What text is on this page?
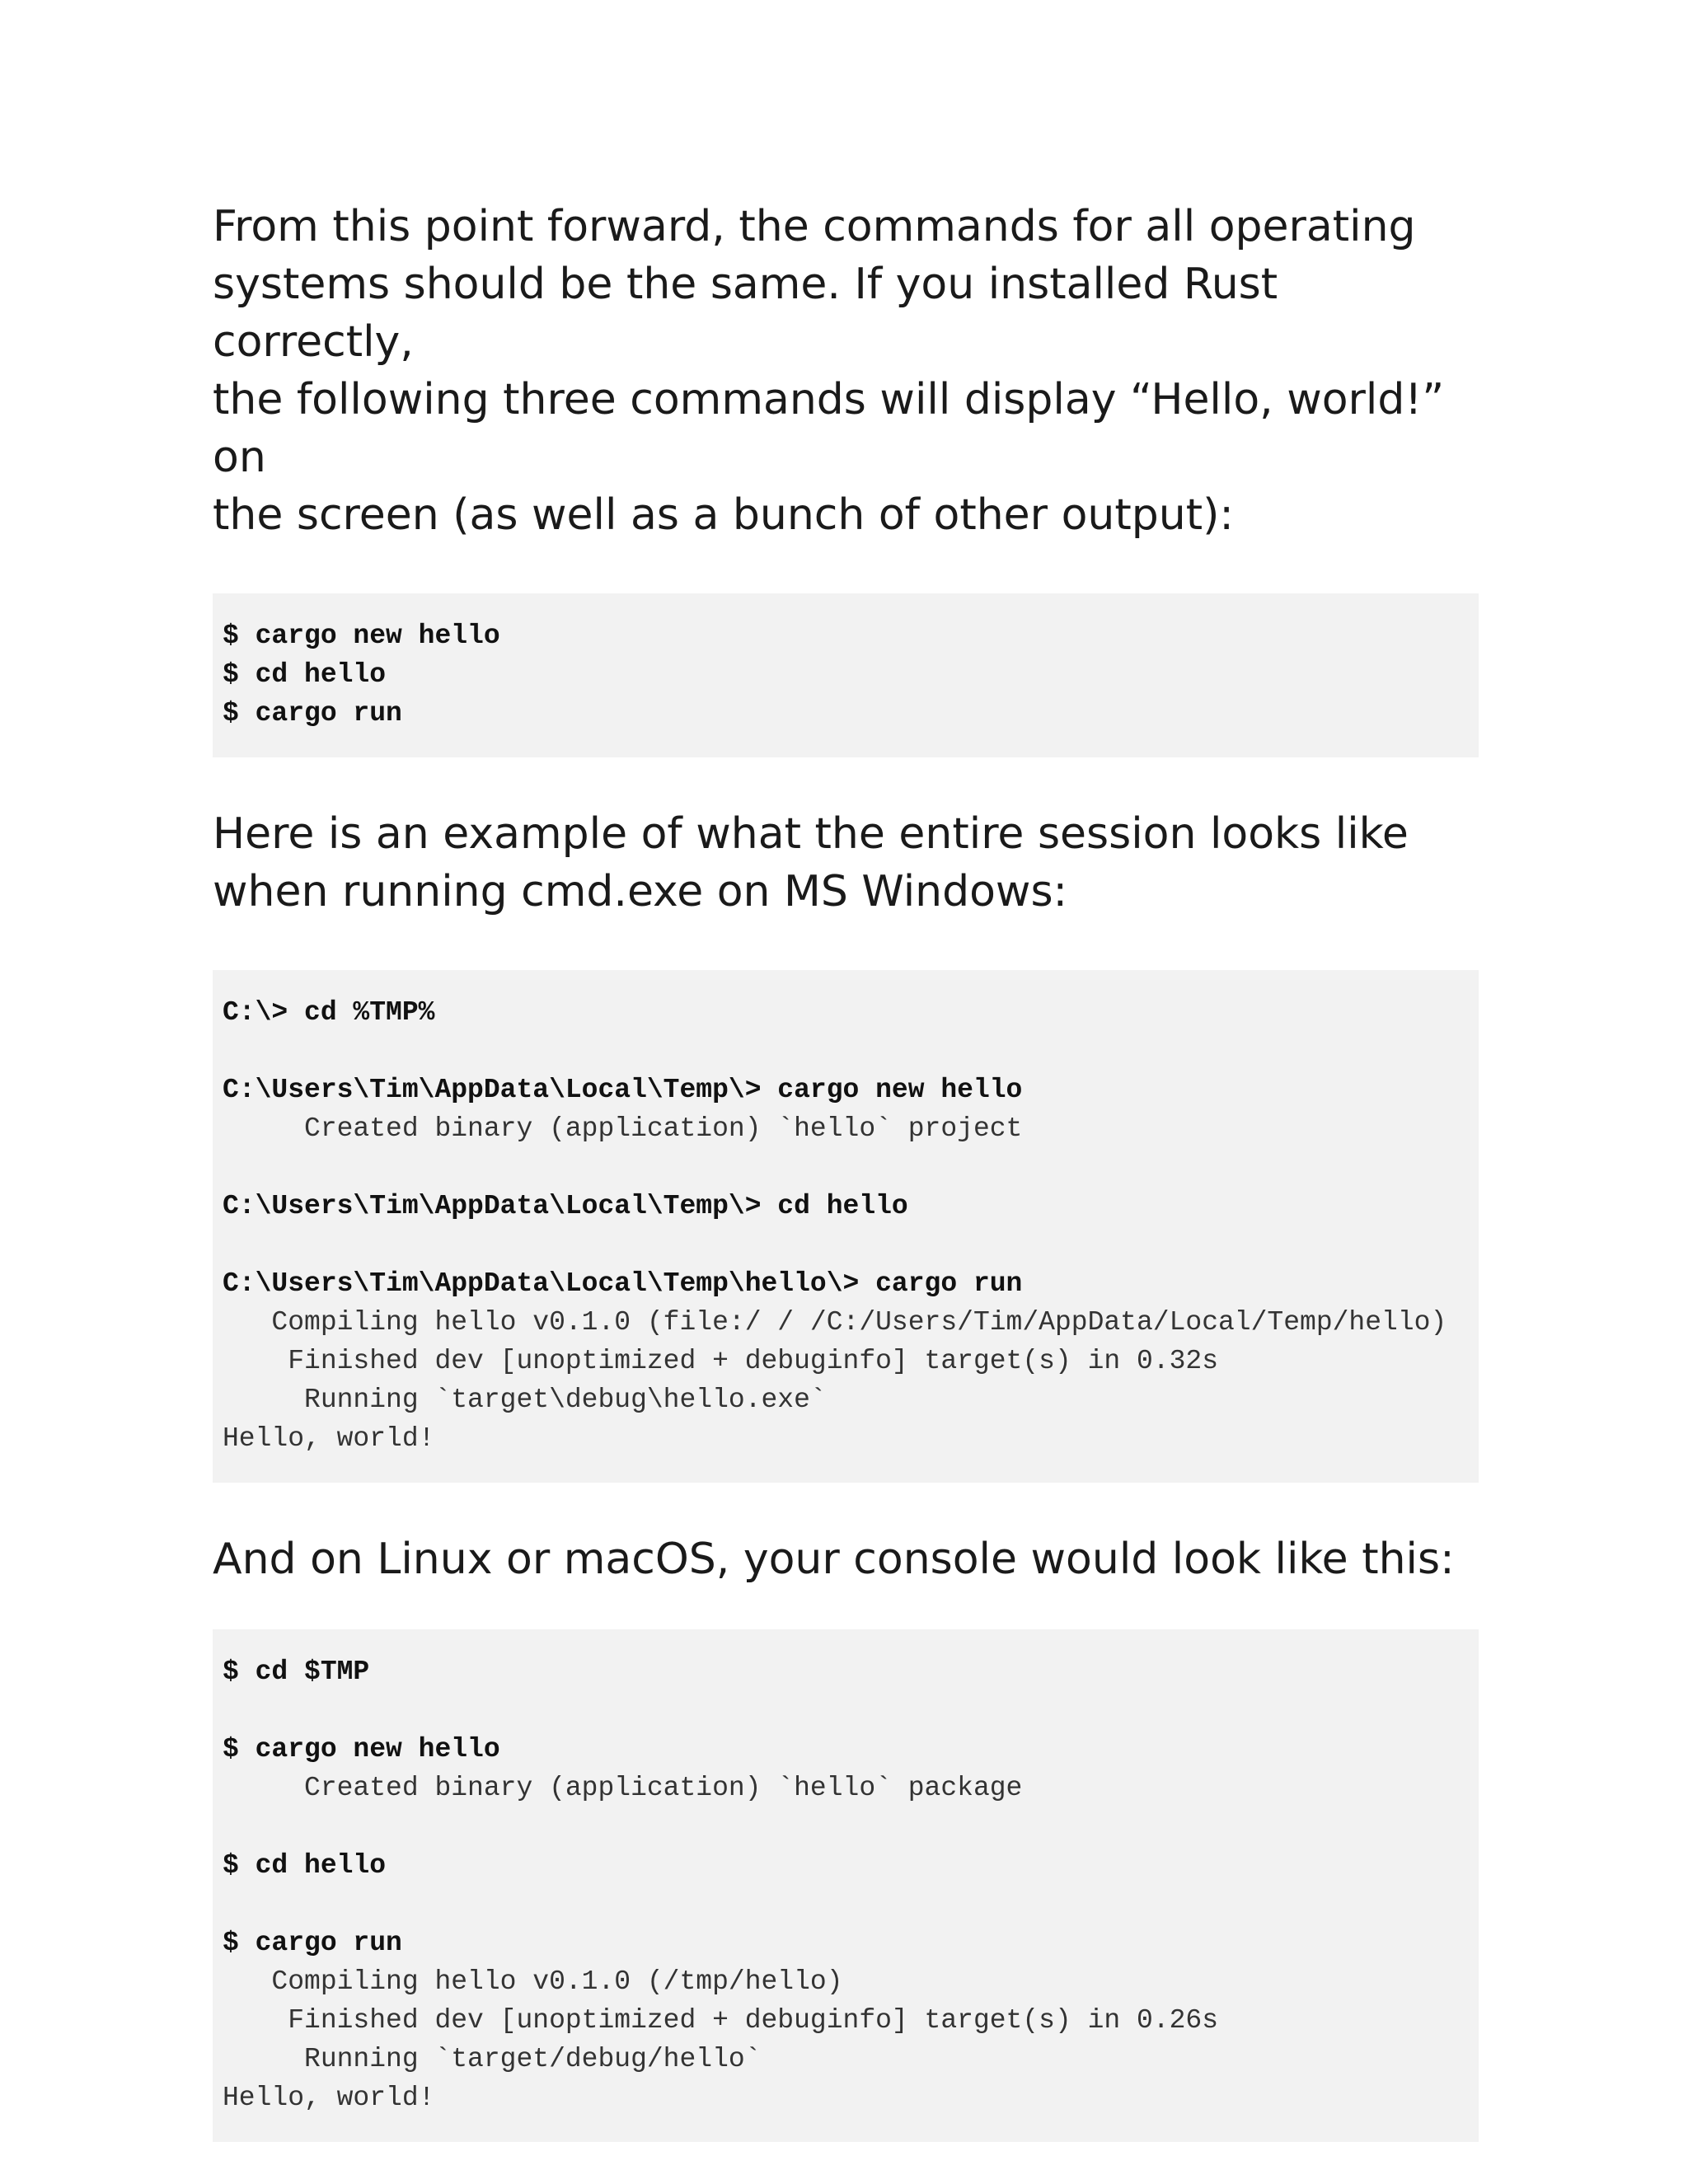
From this point forward, the commands for all operating
systems should be the same. If you installed Rust correctly,
the following three commands will display “Hello, world!” on
the screen (as well as a bunch of other output):

$ cargo new hello
$ cd hello
$ cargo run

Here is an example of what the entire session looks like
when running cmd.exe on MS Windows:

C:\> cd %TMP%
C:\Users\Tim\AppData\Local\Temp\> cargo new hello
Created binary (application) `hello` project
C:\Users\Tim\AppData\Local\Temp\> cd hello
C:\Users\Tim\AppData\Local\Temp\hello\> cargo run
Compiling hello v0.1.0 (file:/ / /C:/Users/Tim/AppData/Local/Temp/hello)
Finished dev [unoptimized + debuginfo] target(s) in 0.32s
Running `target\debug\hello.exe`
Hello, world!

And on Linux or macOS, your console would look like this:

$ cd $TMP
$ cargo new hello
Created binary (application) `hello` package
$ cd hello
$ cargo run
Compiling hello v0.1.0 (/tmp/hello)
Finished dev [unoptimized + debuginfo] target(s) in 0.26s
Running `target/debug/hello`
Hello, world!
